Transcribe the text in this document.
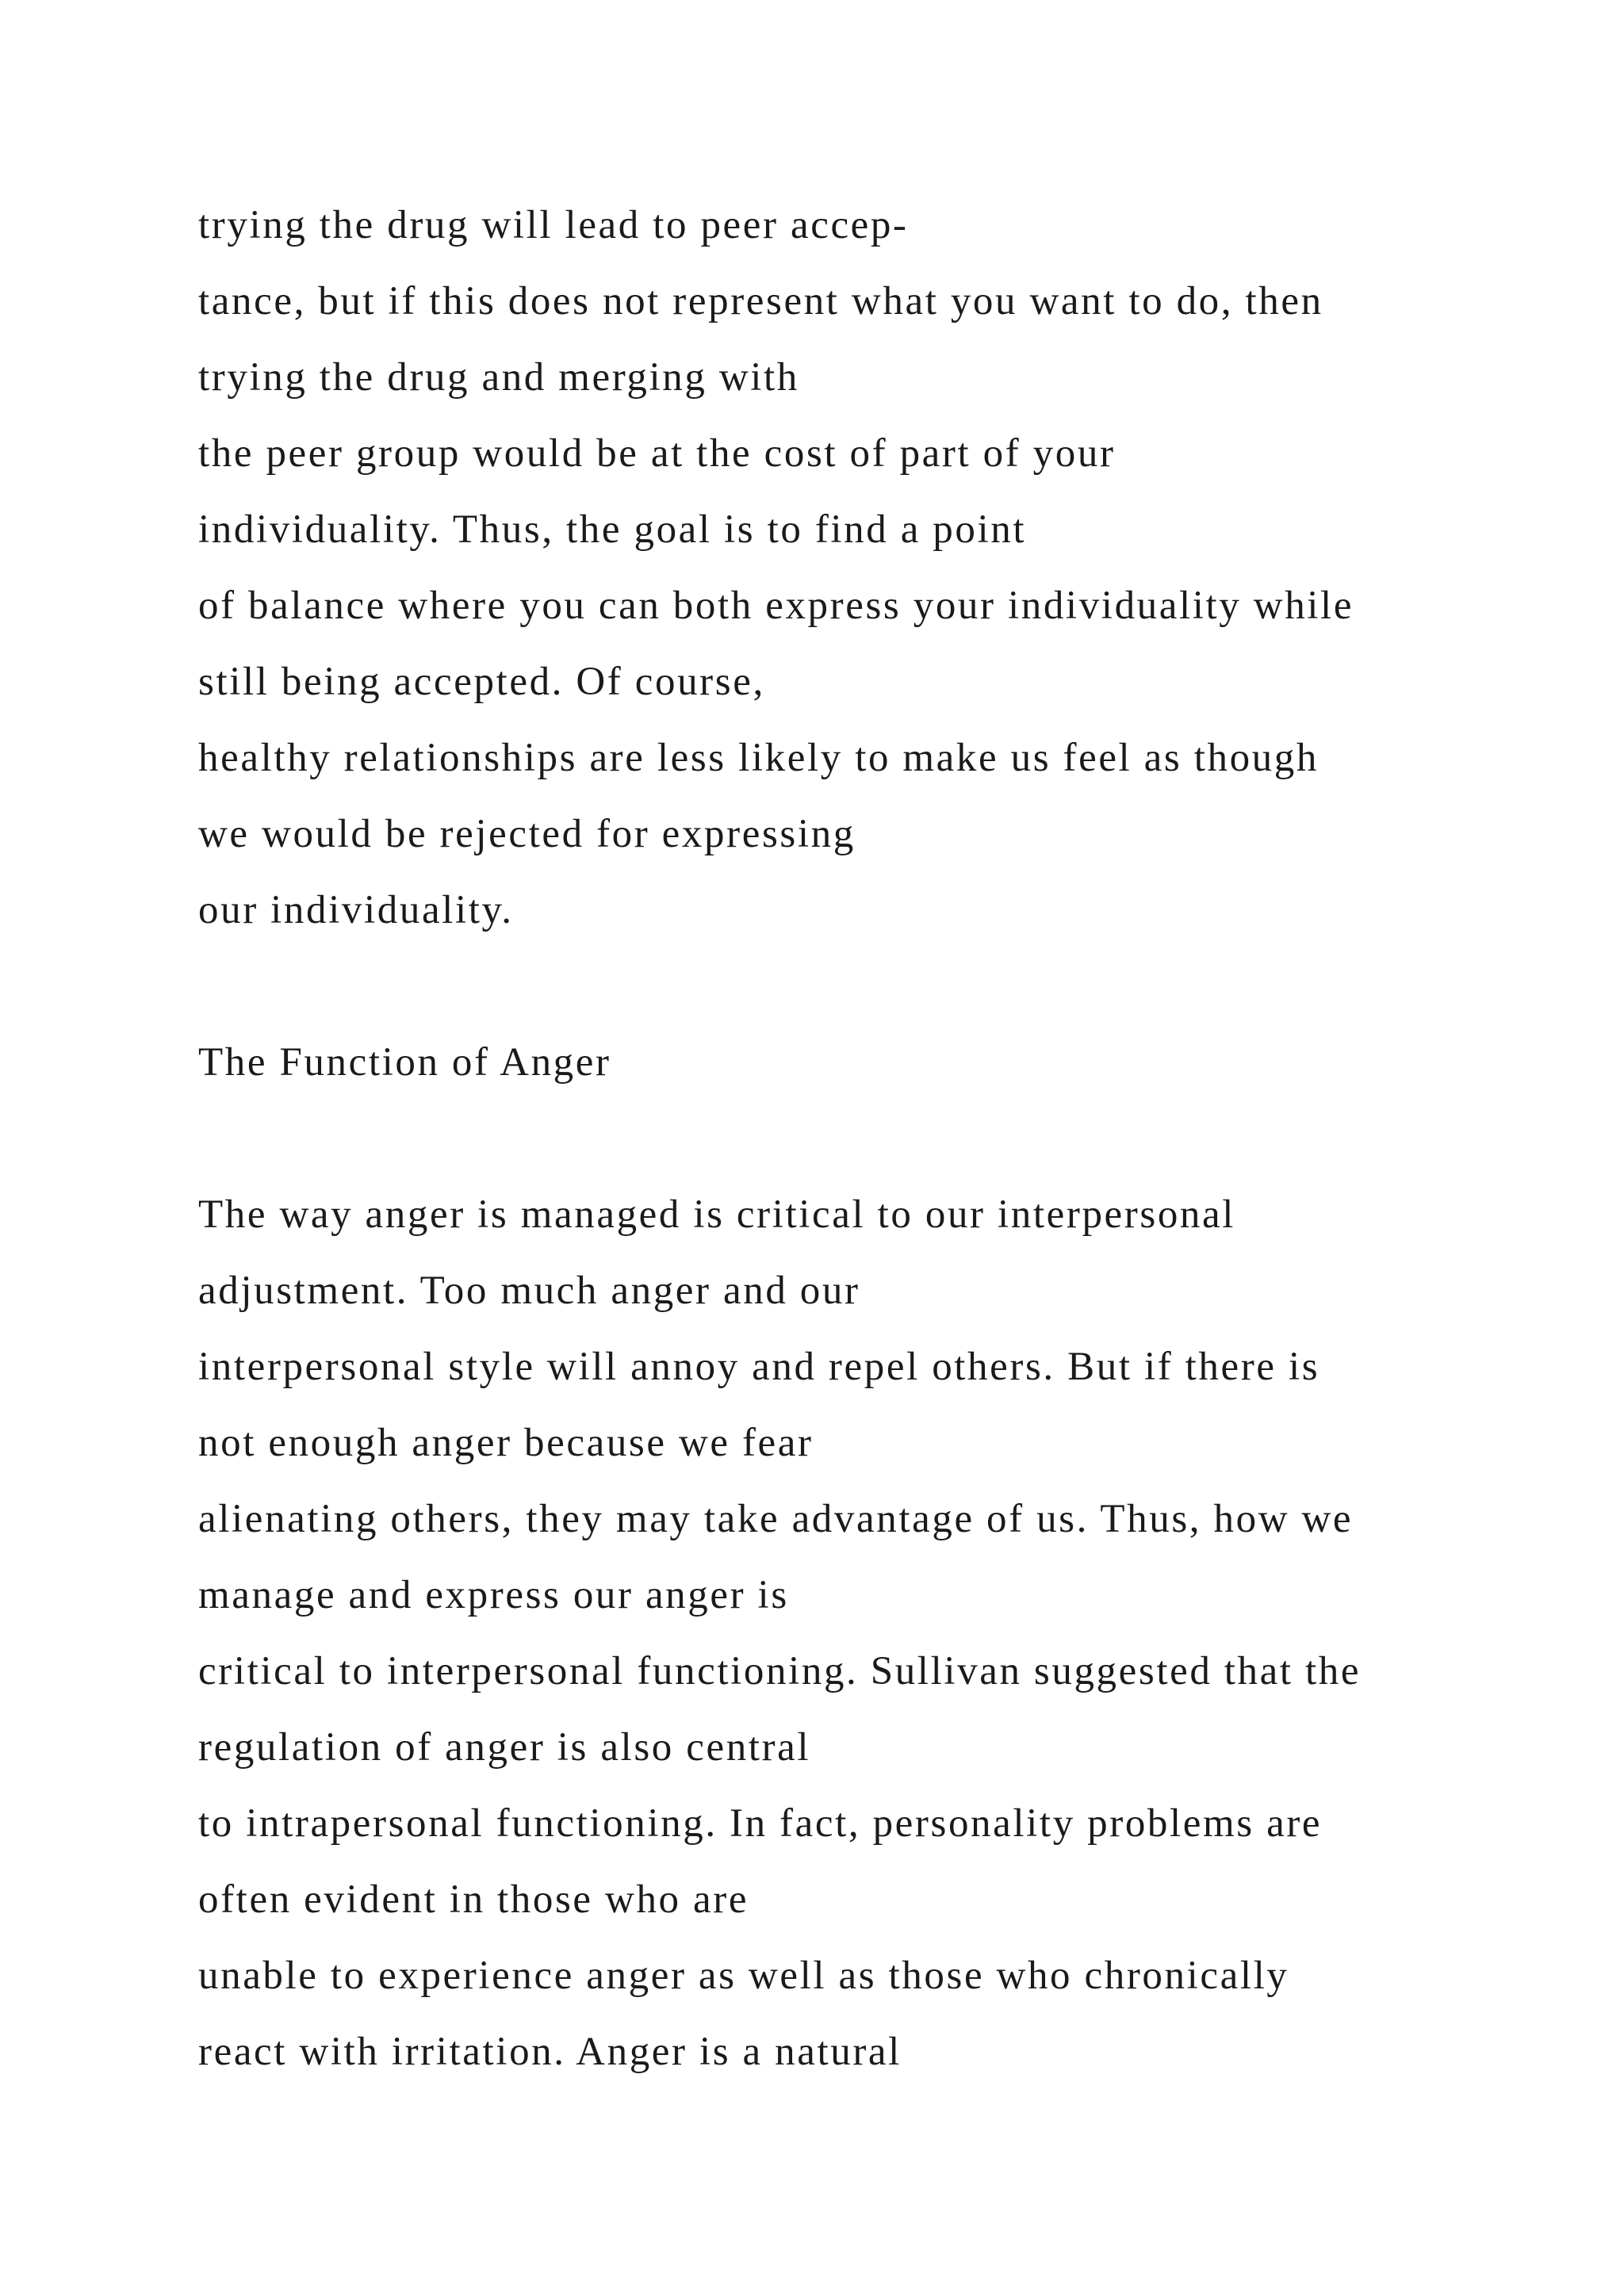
trying the drug will lead to peer accep-
tance, but if this does not represent what you want to do, then
trying the drug and merging with
the peer group would be at the cost of part of your
individuality. Thus, the goal is to find a point
of balance where you can both express your individuality while
still being accepted. Of course,
healthy relationships are less likely to make us feel as though
we would be rejected for expressing
our individuality.
The Function of Anger
The way anger is managed is critical to our interpersonal
adjustment. Too much anger and our
interpersonal style will annoy and repel others. But if there is
not enough anger because we fear
alienating others, they may take advantage of us. Thus, how we
manage and express our anger is
critical to interpersonal functioning. Sullivan suggested that the
regulation of anger is also central
to intrapersonal functioning. In fact, personality problems are
often evident in those who are
unable to experience anger as well as those who chronically
react with irritation. Anger is a natural
